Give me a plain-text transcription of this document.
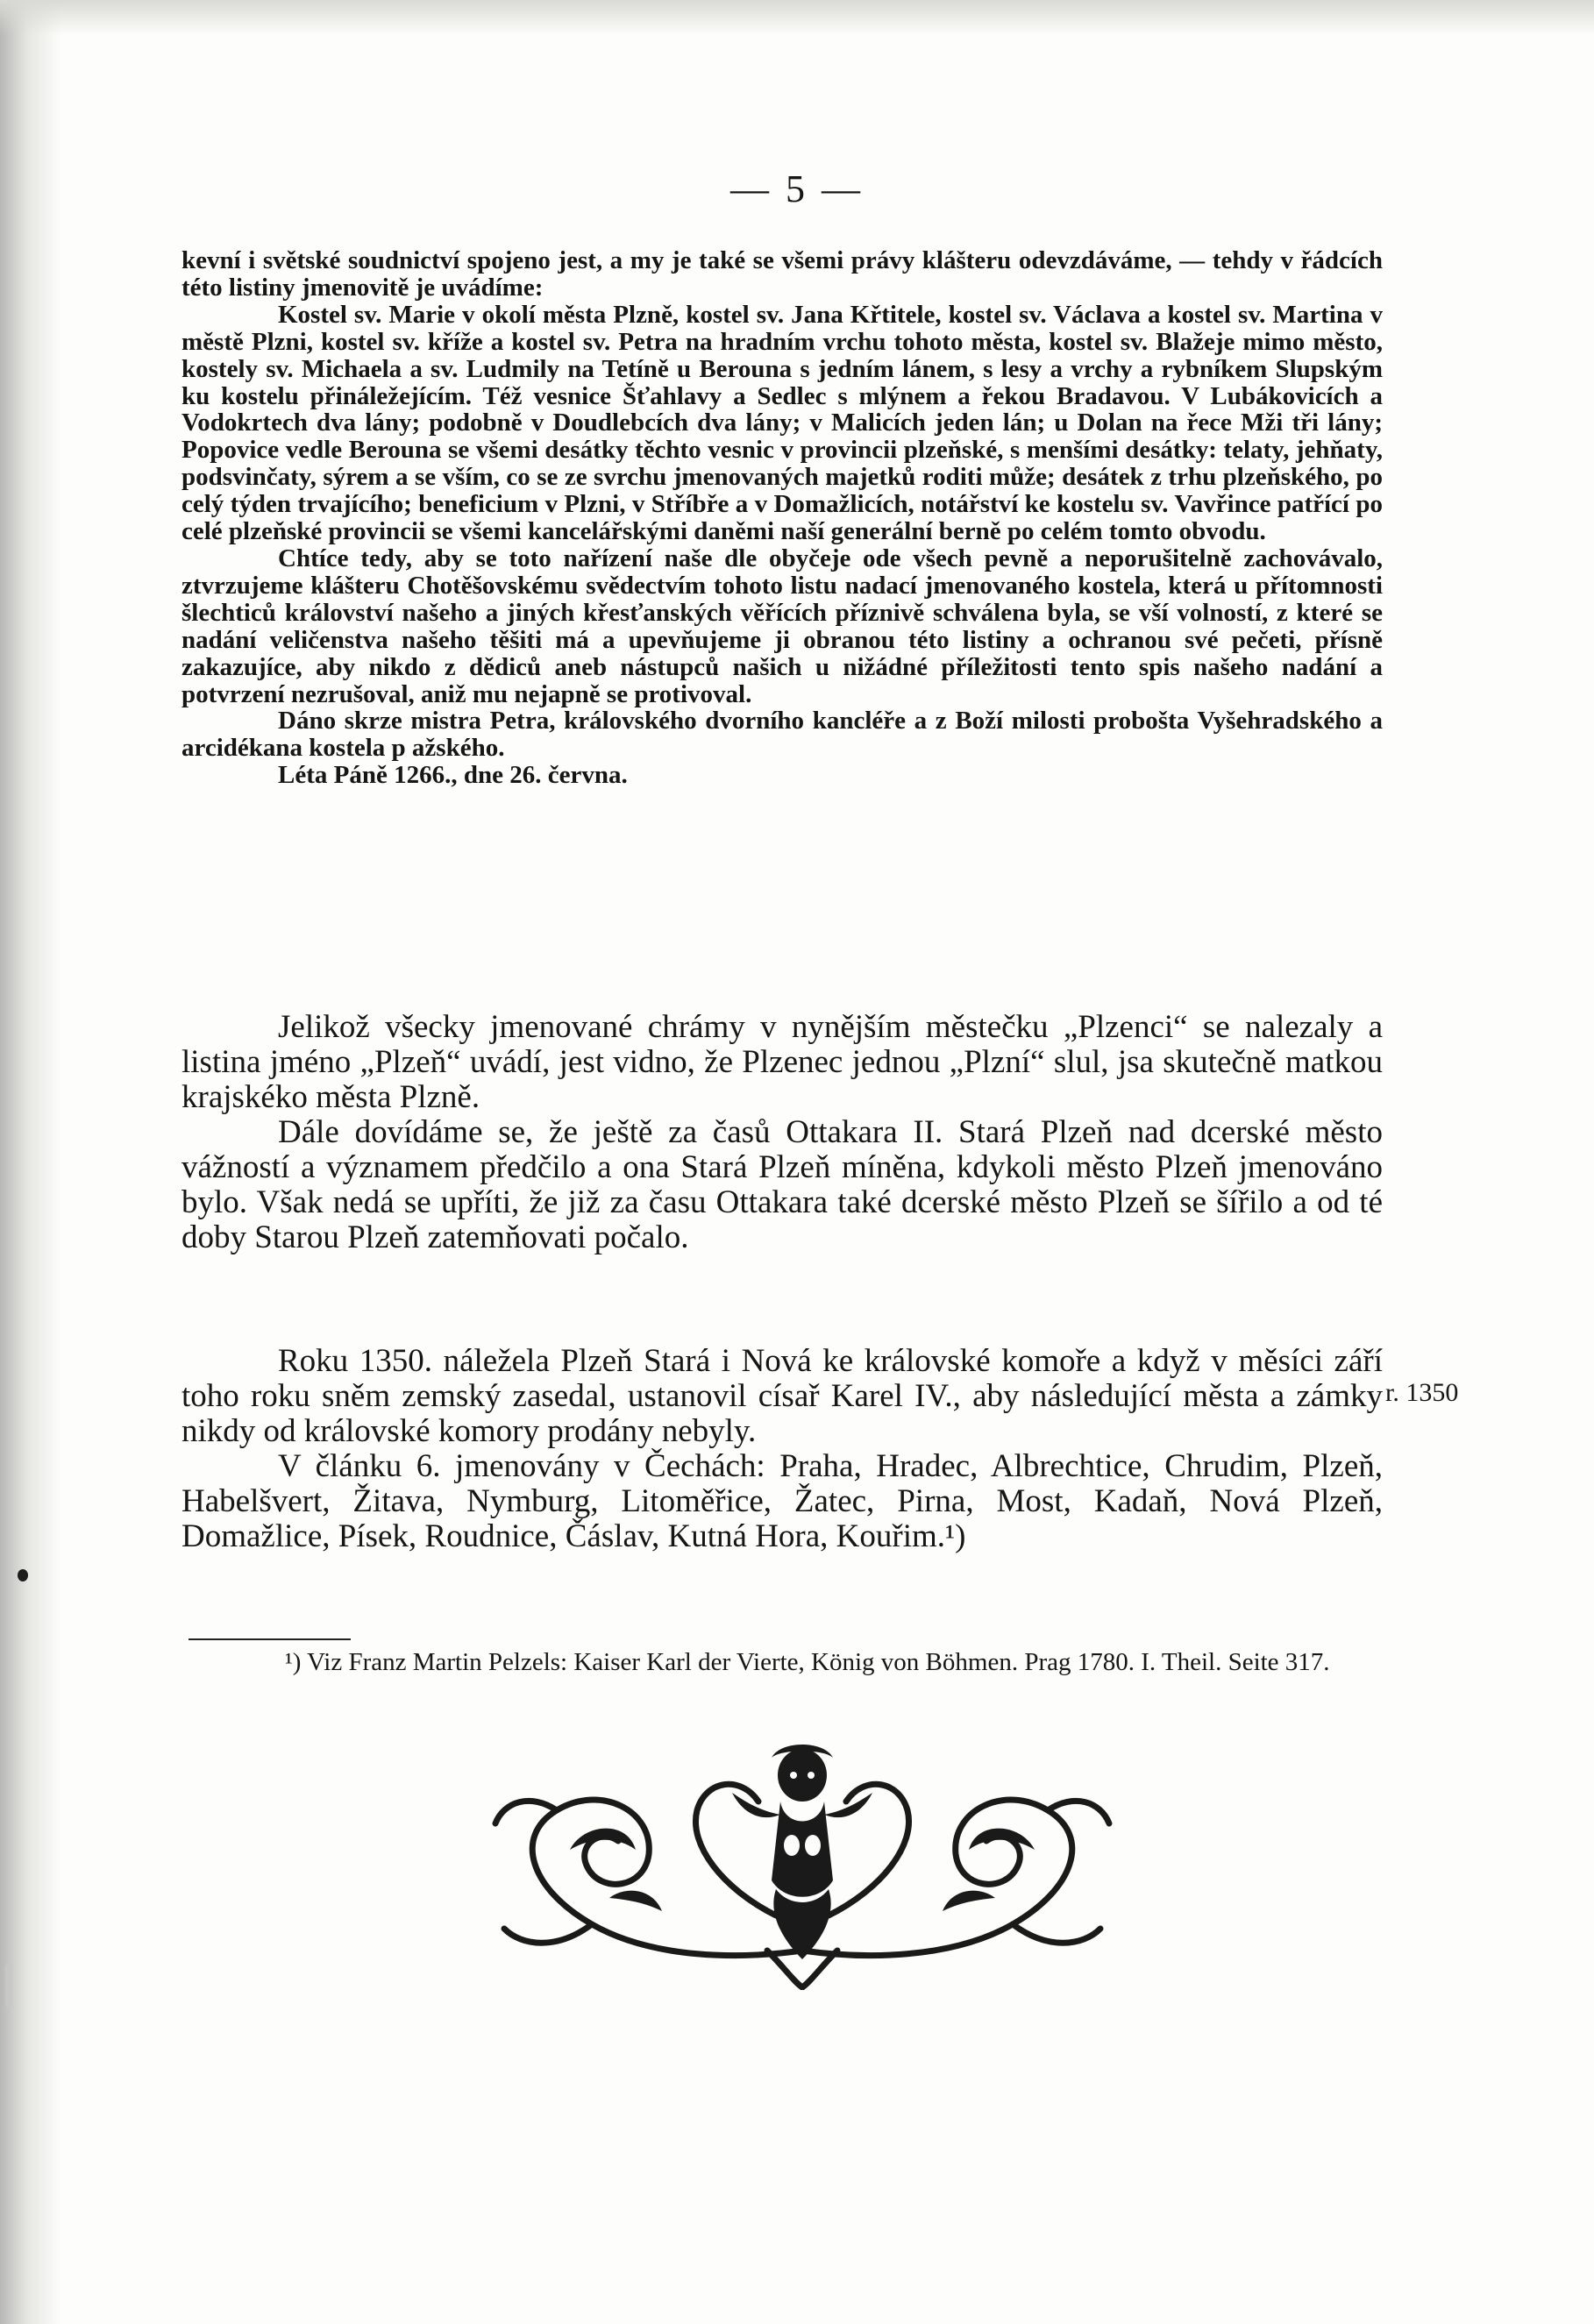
— 5 —

kevní i světské soudnictví spojeno jest, a my je také se všemi právy klášteru odevzdáváme, — tehdy v řádcích této listiny jmenovitě je uvádíme:

Kostel sv. Marie v okolí města Plzně, kostel sv. Jana Křtitele, kostel sv. Václava a kostel sv. Martina v městě Plzni, kostel sv. kříže a kostel sv. Petra na hradním vrchu tohoto města, kostel sv. Blažeje mimo město, kostely sv. Michaela a sv. Ludmily na Tetíně u Berouna s jedním lánem, s lesy a vrchy a rybníkem Slupským ku kostelu přináležejícím. Též vesnice Šťahlavy a Sedlec s mlýnem a řekou Bradavou. V Lubákovicích a Vodokrtech dva lány; podobně v Doudlebcích dva lány; v Malicích jeden lán; u Dolan na řece Mži tři lány; Popovice vedle Berouna se všemi desátky těchto vesnic v provincii plzeňské, s menšími desátky: telaty, jehňaty, podsvinčaty, sýrem a se vším, co se ze svrchu jmenovaných majetků roditi může; desátek z trhu plzeňského, po celý týden trvajícího; beneficium v Plzni, v Stříbře a v Domažlicích, notářství ke kostelu sv. Vavřince patřící po celé plzeňské provincii se všemi kancelářskými daněmi naší generální berně po celém tomto obvodu.

Chtíce tedy, aby se toto nařízení naše dle obyčeje ode všech pevně a neporušitelně zachovávalo, ztvrzujeme klášteru Chotěšovskému svědectvím tohoto listu nadací jmenovaného kostela, která u přítomnosti šlechticů království našeho a jiných křesťanských věřících příznivě schválena byla, se vší volností, z které se nadání veličenstva našeho těšiti má a upevňujeme ji obranou této listiny a ochranou své pečeti, přísně zakazujíce, aby nikdo z dědiců aneb nástupců našich u nižádné příležitosti tento spis našeho nadání a potvrzení nezrušoval, aniž mu nejapně se protivoval.

Dáno skrze mistra Petra, královského dvorního kancléře a z Boží milosti probošta Vyšehradského a arcidékana kostela p ažského.

Léta Páně 1266., dne 26. června.

Jelikož všecky jmenované chrámy v nynějším městečku „Plzenci“ se nalezaly a listina jméno „Plzeň“ uvádí, jest vidno, že Plzenec jednou „Plzní“ slul, jsa skutečně matkou krajskéko města Plzně.

Dále dovídáme se, že ještě za časů Ottakara II. Stará Plzeň nad dcerské město vážností a významem předčilo a ona Stará Plzeň míněna, kdykoli město Plzeň jmenováno bylo. Však nedá se upříti, že již za času Ottakara také dcerské město Plzeň se šířilo a od té doby Starou Plzeň zatemňovati počalo.

Roku 1350. náležela Plzeň Stará i Nová ke královské komoře a když v měsíci září toho roku sněm zemský zasedal, ustanovil císař Karel IV., aby následující města a zámky nikdy od královské komory prodány nebyly.

V článku 6. jmenovány v Čechách: Praha, Hradec, Albrechtice, Chrudim, Plzeň, Habelšvert, Žitava, Nymburg, Litoměřice, Žatec, Pirna, Most, Kadaň, Nová Plzeň, Domažlice, Písek, Roudnice, Čáslav, Kutná Hora, Kouřim.¹)

r. 1350

¹) Viz Franz Martin Pelzels: Kaiser Karl der Vierte, König von Böhmen. Prag 1780. I. Theil. Seite 317.
